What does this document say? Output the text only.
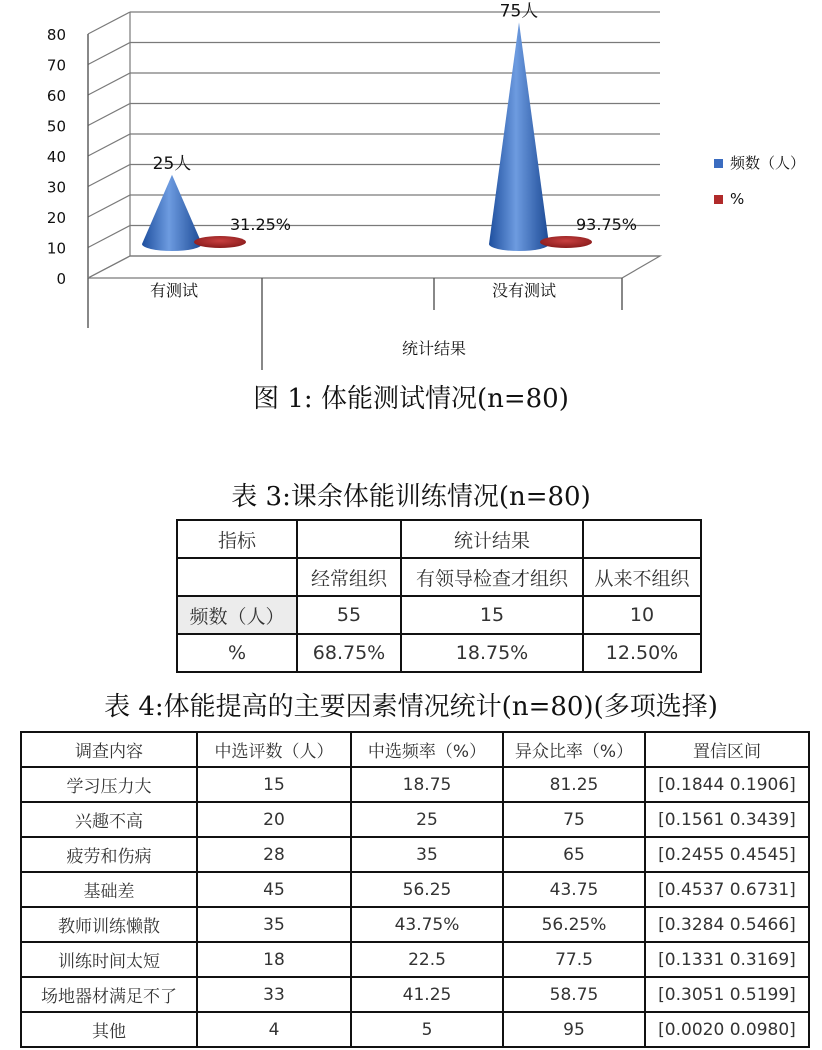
0
10
20
30
40
50
60
70
80
25人
31.25%
有测试
75人
93.75%
没有测试
统计结果
频数（人）
%
图 1: 体能测试情况(n=80)
表 3:课余体能训练情况(n=80)
指标		统计结果	
	经常组织	有领导检查才组织	从来不组织
频数（人）	55	15	10
%	68.75%	18.75%	12.50%
表 4:体能提高的主要因素情况统计(n=80)(多项选择)
调查内容	中选评数（人）	中选频率（%）	异众比率（%）	置信区间
学习压力大	15	18.75	81.25	[0.1844 0.1906]
兴趣不高	20	25	75	[0.1561 0.3439]
疲劳和伤病	28	35	65	[0.2455 0.4545]
基础差	45	56.25	43.75	[0.4537 0.6731]
教师训练懒散	35	43.75%	56.25%	[0.3284 0.5466]
训练时间太短	18	22.5	77.5	[0.1331 0.3169]
场地器材满足不了	33	41.25	58.75	[0.3051 0.5199]
其他	4	5	95	[0.0020 0.0980]
